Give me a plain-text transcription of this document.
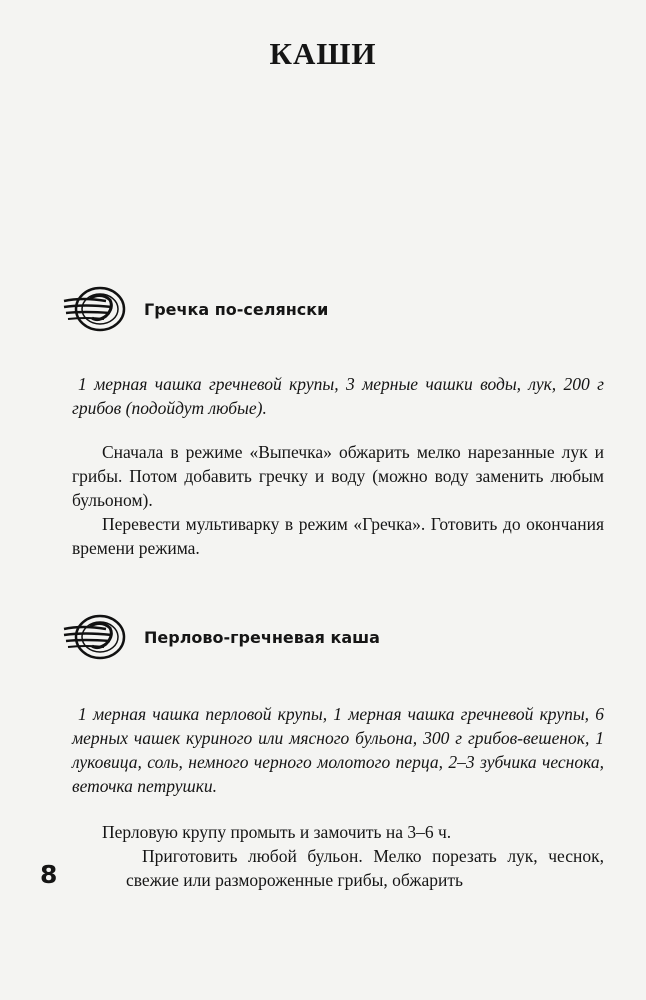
КАШИ
Гречка по-селянски
1 мерная чашка гречневой крупы, 3 мерные чашки воды, лук, 200 г грибов (подойдут любые).

Сначала в режиме «Выпечка» обжарить мелко нарезанные лук и грибы. Потом добавить гречку и воду (можно воду заменить любым бульоном).

Перевести мультиварку в режим «Гречка». Готовить до окончания времени режима.

Перлово-гречневая каша
1 мерная чашка перловой крупы, 1 мерная чашка гречневой крупы, 6 мерных чашек куриного или мясного бульона, 300 г грибов-вешенок, 1 луковица, соль, немного черного молотого перца, 2–3 зубчика чеснока, веточка петрушки.

Перловую крупу промыть и замочить на 3–6 ч.

Приготовить любой бульон. Мелко порезать лук, чеснок, свежие или размороженные грибы, обжарить

8
